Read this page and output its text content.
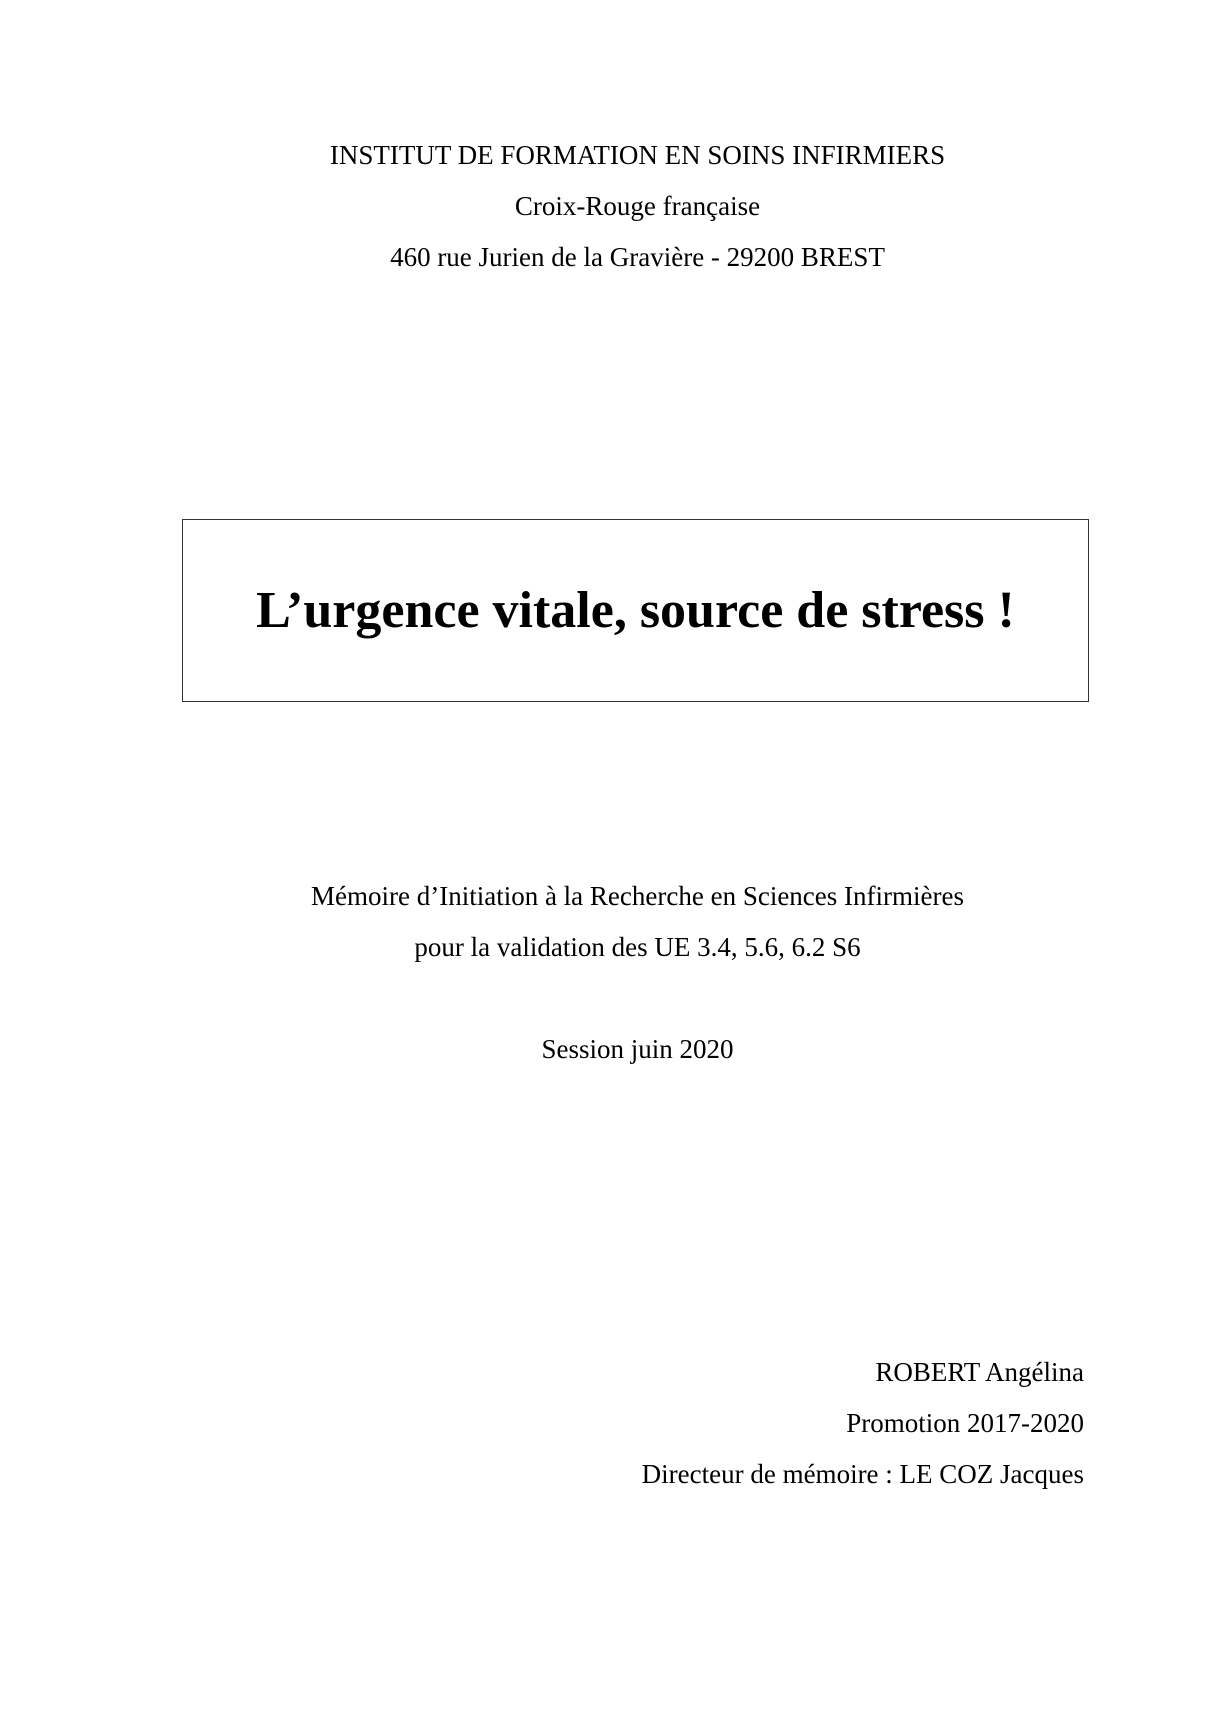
INSTITUT DE FORMATION EN SOINS INFIRMIERS
Croix-Rouge française
460 rue Jurien de la Gravière - 29200 BREST
L’urgence vitale, source de stress !
Mémoire d’Initiation à la Recherche en Sciences Infirmières
pour la validation des UE 3.4, 5.6, 6.2 S6
Session juin 2020
ROBERT Angélina
Promotion 2017-2020
Directeur de mémoire : LE COZ Jacques
